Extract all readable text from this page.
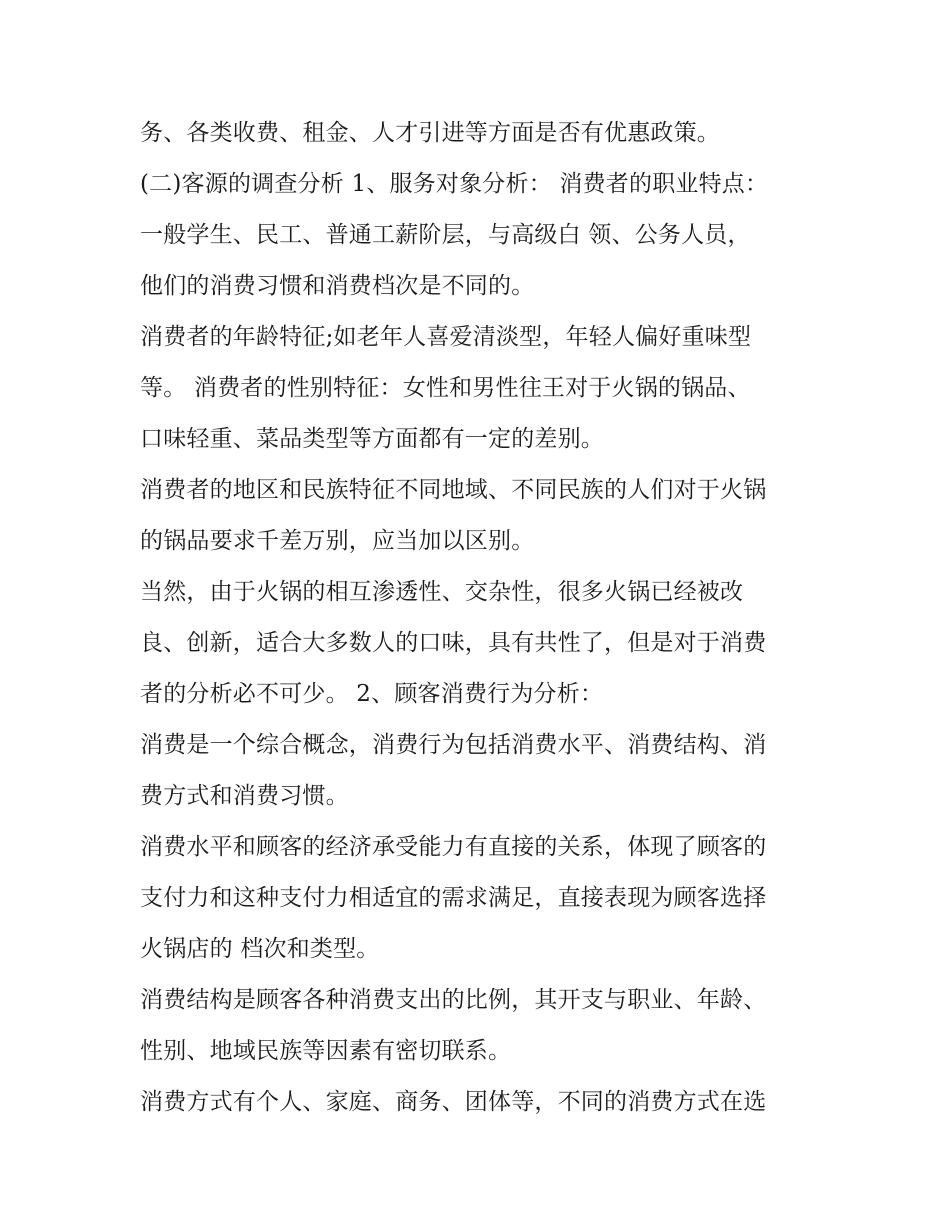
务、各类收费、租金、人才引进等方面是否有优惠政策。
(二)客源的调查分析 1、服务对象分析： 消费者的职业特点：
一般学生、民工、普通工薪阶层，与高级白 领、公务人员，
他们的消费习惯和消费档次是不同的。
消费者的年龄特征;如老年人喜爱清淡型，年轻人偏好重味型
等。 消费者的性别特征：女性和男性往王对于火锅的锅品、
口味轻重、菜品类型等方面都有一定的差别。
消费者的地区和民族特征不同地域、不同民族的人们对于火锅
的锅品要求千差万别，应当加以区别。
当然，由于火锅的相互渗透性、交杂性，很多火锅已经被改
良、创新，适合大多数人的口味，具有共性了，但是对于消费
者的分析必不可少。 2、顾客消费行为分析：
消费是一个综合概念，消费行为包括消费水平、消费结构、消
费方式和消费习惯。
消费水平和顾客的经济承受能力有直接的关系，体现了顾客的
支付力和这种支付力相适宜的需求满足，直接表现为顾客选择
火锅店的 档次和类型。
消费结构是顾客各种消费支出的比例，其开支与职业、年龄、
性别、地域民族等因素有密切联系。
消费方式有个人、家庭、商务、团体等，不同的消费方式在选
